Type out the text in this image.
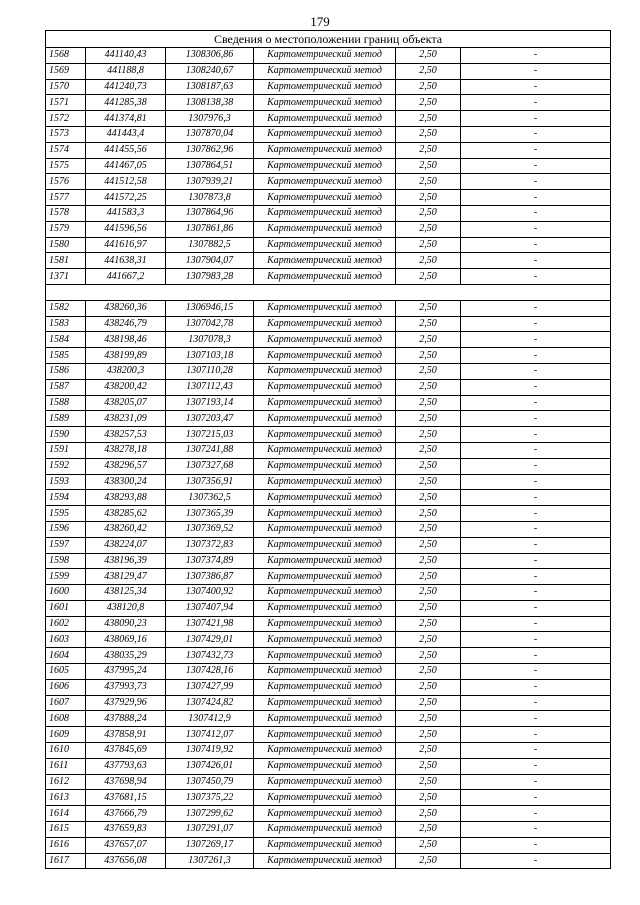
179
Сведения о местоположении границ объекта					
1568	441140,43	1308306,86	Картометрический метод	2,50	-
1569	441188,8	1308240,67	Картометрический метод	2,50	-
1570	441240,73	1308187,63	Картометрический метод	2,50	-
1571	441285,38	1308138,38	Картометрический метод	2,50	-
1572	441374,81	1307976,3	Картометрический метод	2,50	-
1573	441443,4	1307870,04	Картометрический метод	2,50	-
1574	441455,56	1307862,96	Картометрический метод	2,50	-
1575	441467,05	1307864,51	Картометрический метод	2,50	-
1576	441512,58	1307939,21	Картометрический метод	2,50	-
1577	441572,25	1307873,8	Картометрический метод	2,50	-
1578	441583,3	1307864,96	Картометрический метод	2,50	-
1579	441596,56	1307861,86	Картометрический метод	2,50	-
1580	441616,97	1307882,5	Картометрический метод	2,50	-
1581	441638,31	1307904,07	Картометрический метод	2,50	-
1371	441667,2	1307983,28	Картометрический метод	2,50	-

1582	438260,36	1306946,15	Картометрический метод	2,50	-
1583	438246,79	1307042,78	Картометрический метод	2,50	-
1584	438198,46	1307078,3	Картометрический метод	2,50	-
1585	438199,89	1307103,18	Картометрический метод	2,50	-
1586	438200,3	1307110,28	Картометрический метод	2,50	-
1587	438200,42	1307112,43	Картометрический метод	2,50	-
1588	438205,07	1307193,14	Картометрический метод	2,50	-
1589	438231,09	1307203,47	Картометрический метод	2,50	-
1590	438257,53	1307215,03	Картометрический метод	2,50	-
1591	438278,18	1307241,88	Картометрический метод	2,50	-
1592	438296,57	1307327,68	Картометрический метод	2,50	-
1593	438300,24	1307356,91	Картометрический метод	2,50	-
1594	438293,88	1307362,5	Картометрический метод	2,50	-
1595	438285,62	1307365,39	Картометрический метод	2,50	-
1596	438260,42	1307369,52	Картометрический метод	2,50	-
1597	438224,07	1307372,83	Картометрический метод	2,50	-
1598	438196,39	1307374,89	Картометрический метод	2,50	-
1599	438129,47	1307386,87	Картометрический метод	2,50	-
1600	438125,34	1307400,92	Картометрический метод	2,50	-
1601	438120,8	1307407,94	Картометрический метод	2,50	-
1602	438090,23	1307421,98	Картометрический метод	2,50	-
1603	438069,16	1307429,01	Картометрический метод	2,50	-
1604	438035,29	1307432,73	Картометрический метод	2,50	-
1605	437995,24	1307428,16	Картометрический метод	2,50	-
1606	437993,73	1307427,99	Картометрический метод	2,50	-
1607	437929,96	1307424,82	Картометрический метод	2,50	-
1608	437888,24	1307412,9	Картометрический метод	2,50	-
1609	437858,91	1307412,07	Картометрический метод	2,50	-
1610	437845,69	1307419,92	Картометрический метод	2,50	-
1611	437793,63	1307426,01	Картометрический метод	2,50	-
1612	437698,94	1307450,79	Картометрический метод	2,50	-
1613	437681,15	1307375,22	Картометрический метод	2,50	-
1614	437666,79	1307299,62	Картометрический метод	2,50	-
1615	437659,83	1307291,07	Картометрический метод	2,50	-
1616	437657,07	1307269,17	Картометрический метод	2,50	-
1617	437656,08	1307261,3	Картометрический метод	2,50	-
